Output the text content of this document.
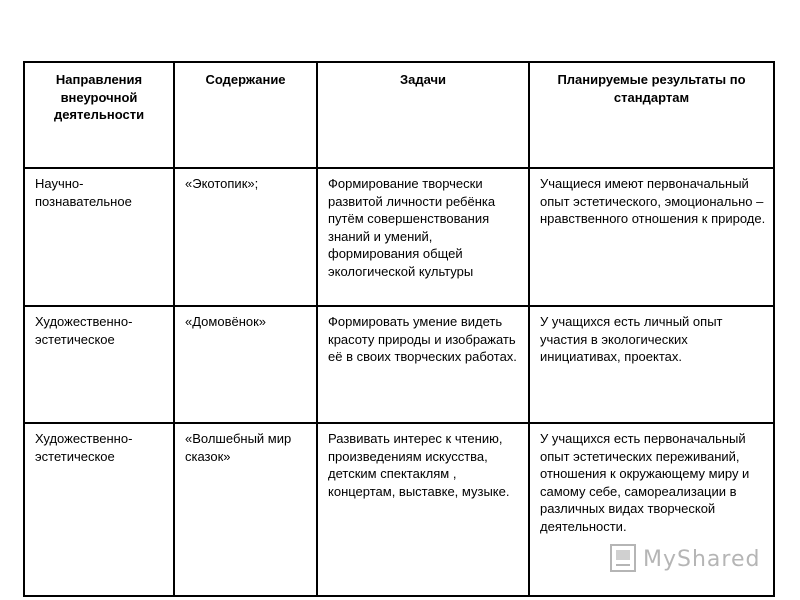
Направления внеурочной деятельности	Содержание	Задачи	Планируемые результаты по стандартам
Научно-познавательное	«Экотопик»;	Формирование творчески развитой личности ребёнка путём совершенствования знаний и умений, формирования общей экологической культуры	Учащиеся имеют первоначальный опыт эстетического, эмоционально – нравственного отношения к природе.
Художественно-эстетическое	«Домовёнок»	Формировать умение видеть красоту природы и изображать её в своих творческих работах.	У учащихся есть личный опыт участия в экологических инициативах, проектах.
Художественно-эстетическое	«Волшебный мир сказок»	Развивать интерес к чтению, произведениям искусства, детским спектаклям , концертам, выставке, музыке.	У учащихся есть первоначальный опыт эстетических переживаний, отношения к окружающему миру и самому себе, самореализации в различных видах творческой деятельности.
MyShared
